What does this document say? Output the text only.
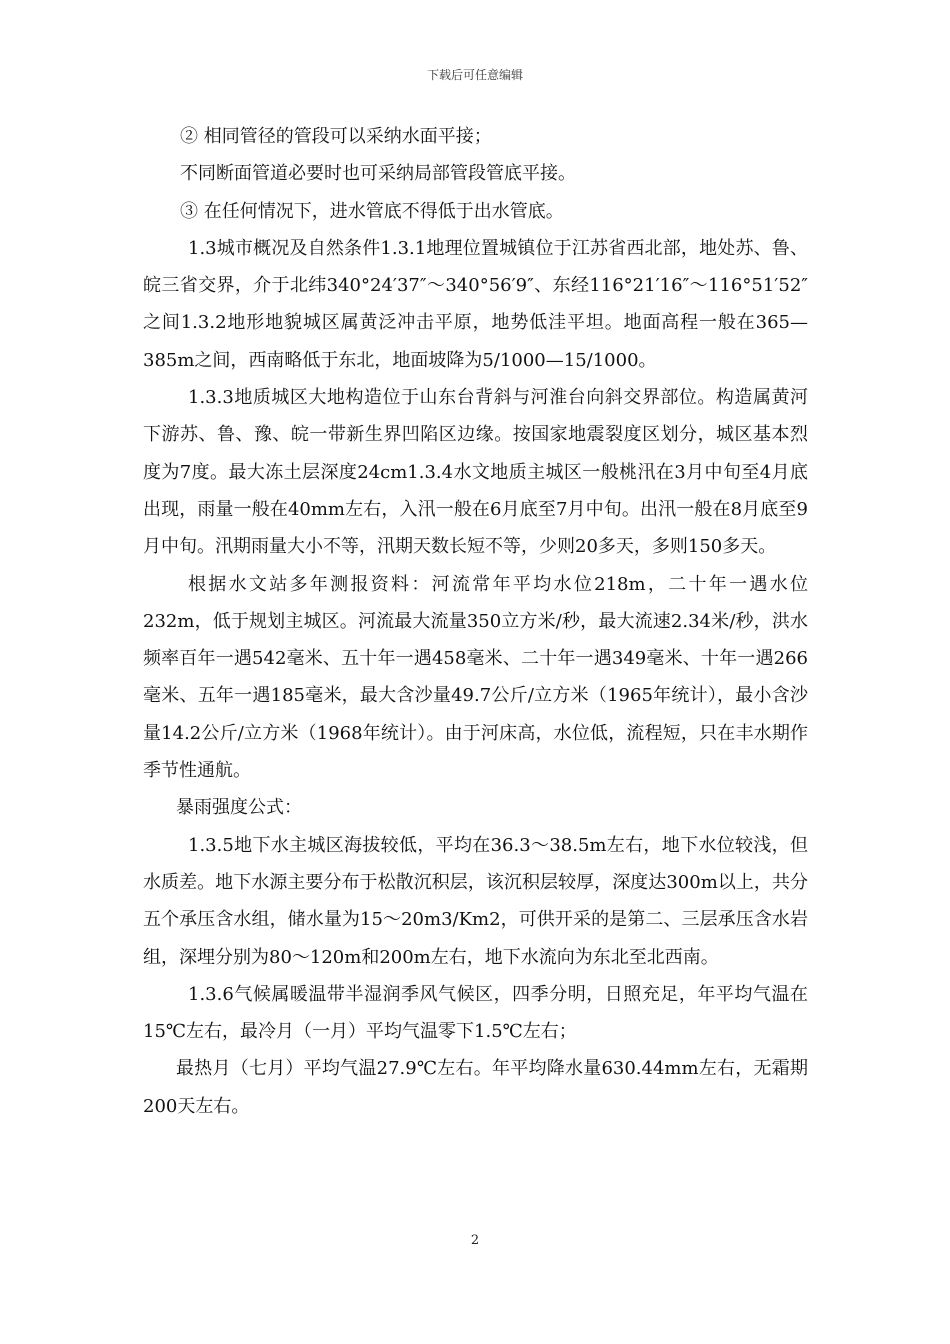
下载后可任意编辑

② 相同管径的管段可以采纳水面平接；

不同断面管道必要时也可采纳局部管段管底平接。

③ 在任何情况下，进水管底不得低于出水管底。

1.3城市概况及自然条件1.3.1地理位置城镇位于江苏省西北部，地处苏、鲁、皖三省交界，介于北纬340°24′37″～340°56′9″、东经116°21′16″～116°51′52″之间1.3.2地形地貌城区属黄泛冲击平原，地势低洼平坦。地面高程一般在365—385m之间，西南略低于东北，地面坡降为5/1000—15/1000。

1.3.3地质城区大地构造位于山东台背斜与河淮台向斜交界部位。构造属黄河下游苏、鲁、豫、皖一带新生界凹陷区边缘。按国家地震裂度区划分，城区基本烈度为7度。最大冻土层深度24cm1.3.4水文地质主城区一般桃汛在3月中旬至4月底出现，雨量一般在40mm左右，入汛一般在6月底至7月中旬。出汛一般在8月底至9月中旬。汛期雨量大小不等，汛期天数长短不等，少则20多天，多则150多天。

根据水文站多年测报资料：河流常年平均水位218m，二十年一遇水位232m，低于规划主城区。河流最大流量350立方米/秒，最大流速2.34米/秒，洪水频率百年一遇542毫米、五十年一遇458毫米、二十年一遇349毫米、十年一遇266毫米、五年一遇185毫米，最大含沙量49.7公斤/立方米（1965年统计），最小含沙量14.2公斤/立方米（1968年统计）。由于河床高，水位低，流程短，只在丰水期作季节性通航。

暴雨强度公式：

1.3.5地下水主城区海拔较低，平均在36.3～38.5m左右，地下水位较浅，但水质差。地下水源主要分布于松散沉积层，该沉积层较厚，深度达300m以上，共分五个承压含水组，储水量为15～20m3/Km2，可供开采的是第二、三层承压含水岩组，深埋分别为80～120m和200m左右，地下水流向为东北至北西南。

1.3.6气候属暖温带半湿润季风气候区，四季分明，日照充足，年平均气温在15℃左右，最冷月（一月）平均气温零下1.5℃左右；

最热月（七月）平均气温27.9℃左右。年平均降水量630.44mm左右，无霜期200天左右。

2
